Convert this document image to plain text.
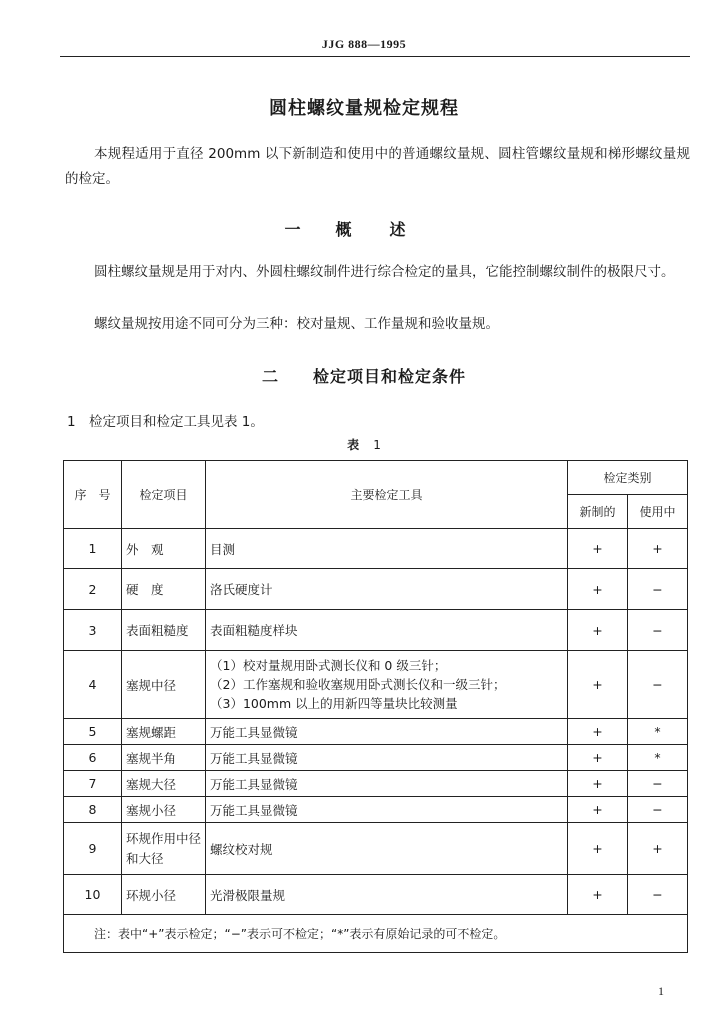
JJG 888—1995
圆柱螺纹量规检定规程
本规程适用于直径 200mm 以下新制造和使用中的普通螺纹量规、圆柱管螺纹量规和梯形螺纹量规的检定。
一 概述
圆柱螺纹量规是用于对内、外圆柱螺纹制件进行综合检定的量具，它能控制螺纹制件的极限尺寸。
螺纹量规按用途不同可分为三种：校对量规、工作量规和验收量规。
二 检定项目和检定条件
1 检定项目和检定工具见表 1。
表 1
序　号	检定项目	主要检定工具	检定类别	
			新制的	使用中
1	外　观	目测	+	+
2	硬　度	洛氏硬度计	+	−
3	表面粗糙度	表面粗糙度样块	+	−
4	塞规中径	（1）校对量规用卧式测长仪和 0 级三针；
（2）工作塞规和验收塞规用卧式测长仪和一级三针；
（3）100mm 以上的用新四等量块比较测量	+	−
5	塞规螺距	万能工具显微镜	+	*
6	塞规半角	万能工具显微镜	+	*
7	塞规大径	万能工具显微镜	+	−
8	塞规小径	万能工具显微镜	+	−
9	环规作用中径和大径	螺纹校对规	+	+
10	环规小径	光滑极限量规	+	−
注：表中“+”表示检定；“−”表示可不检定；“*”表示有原始记录的可不检定。				
1
